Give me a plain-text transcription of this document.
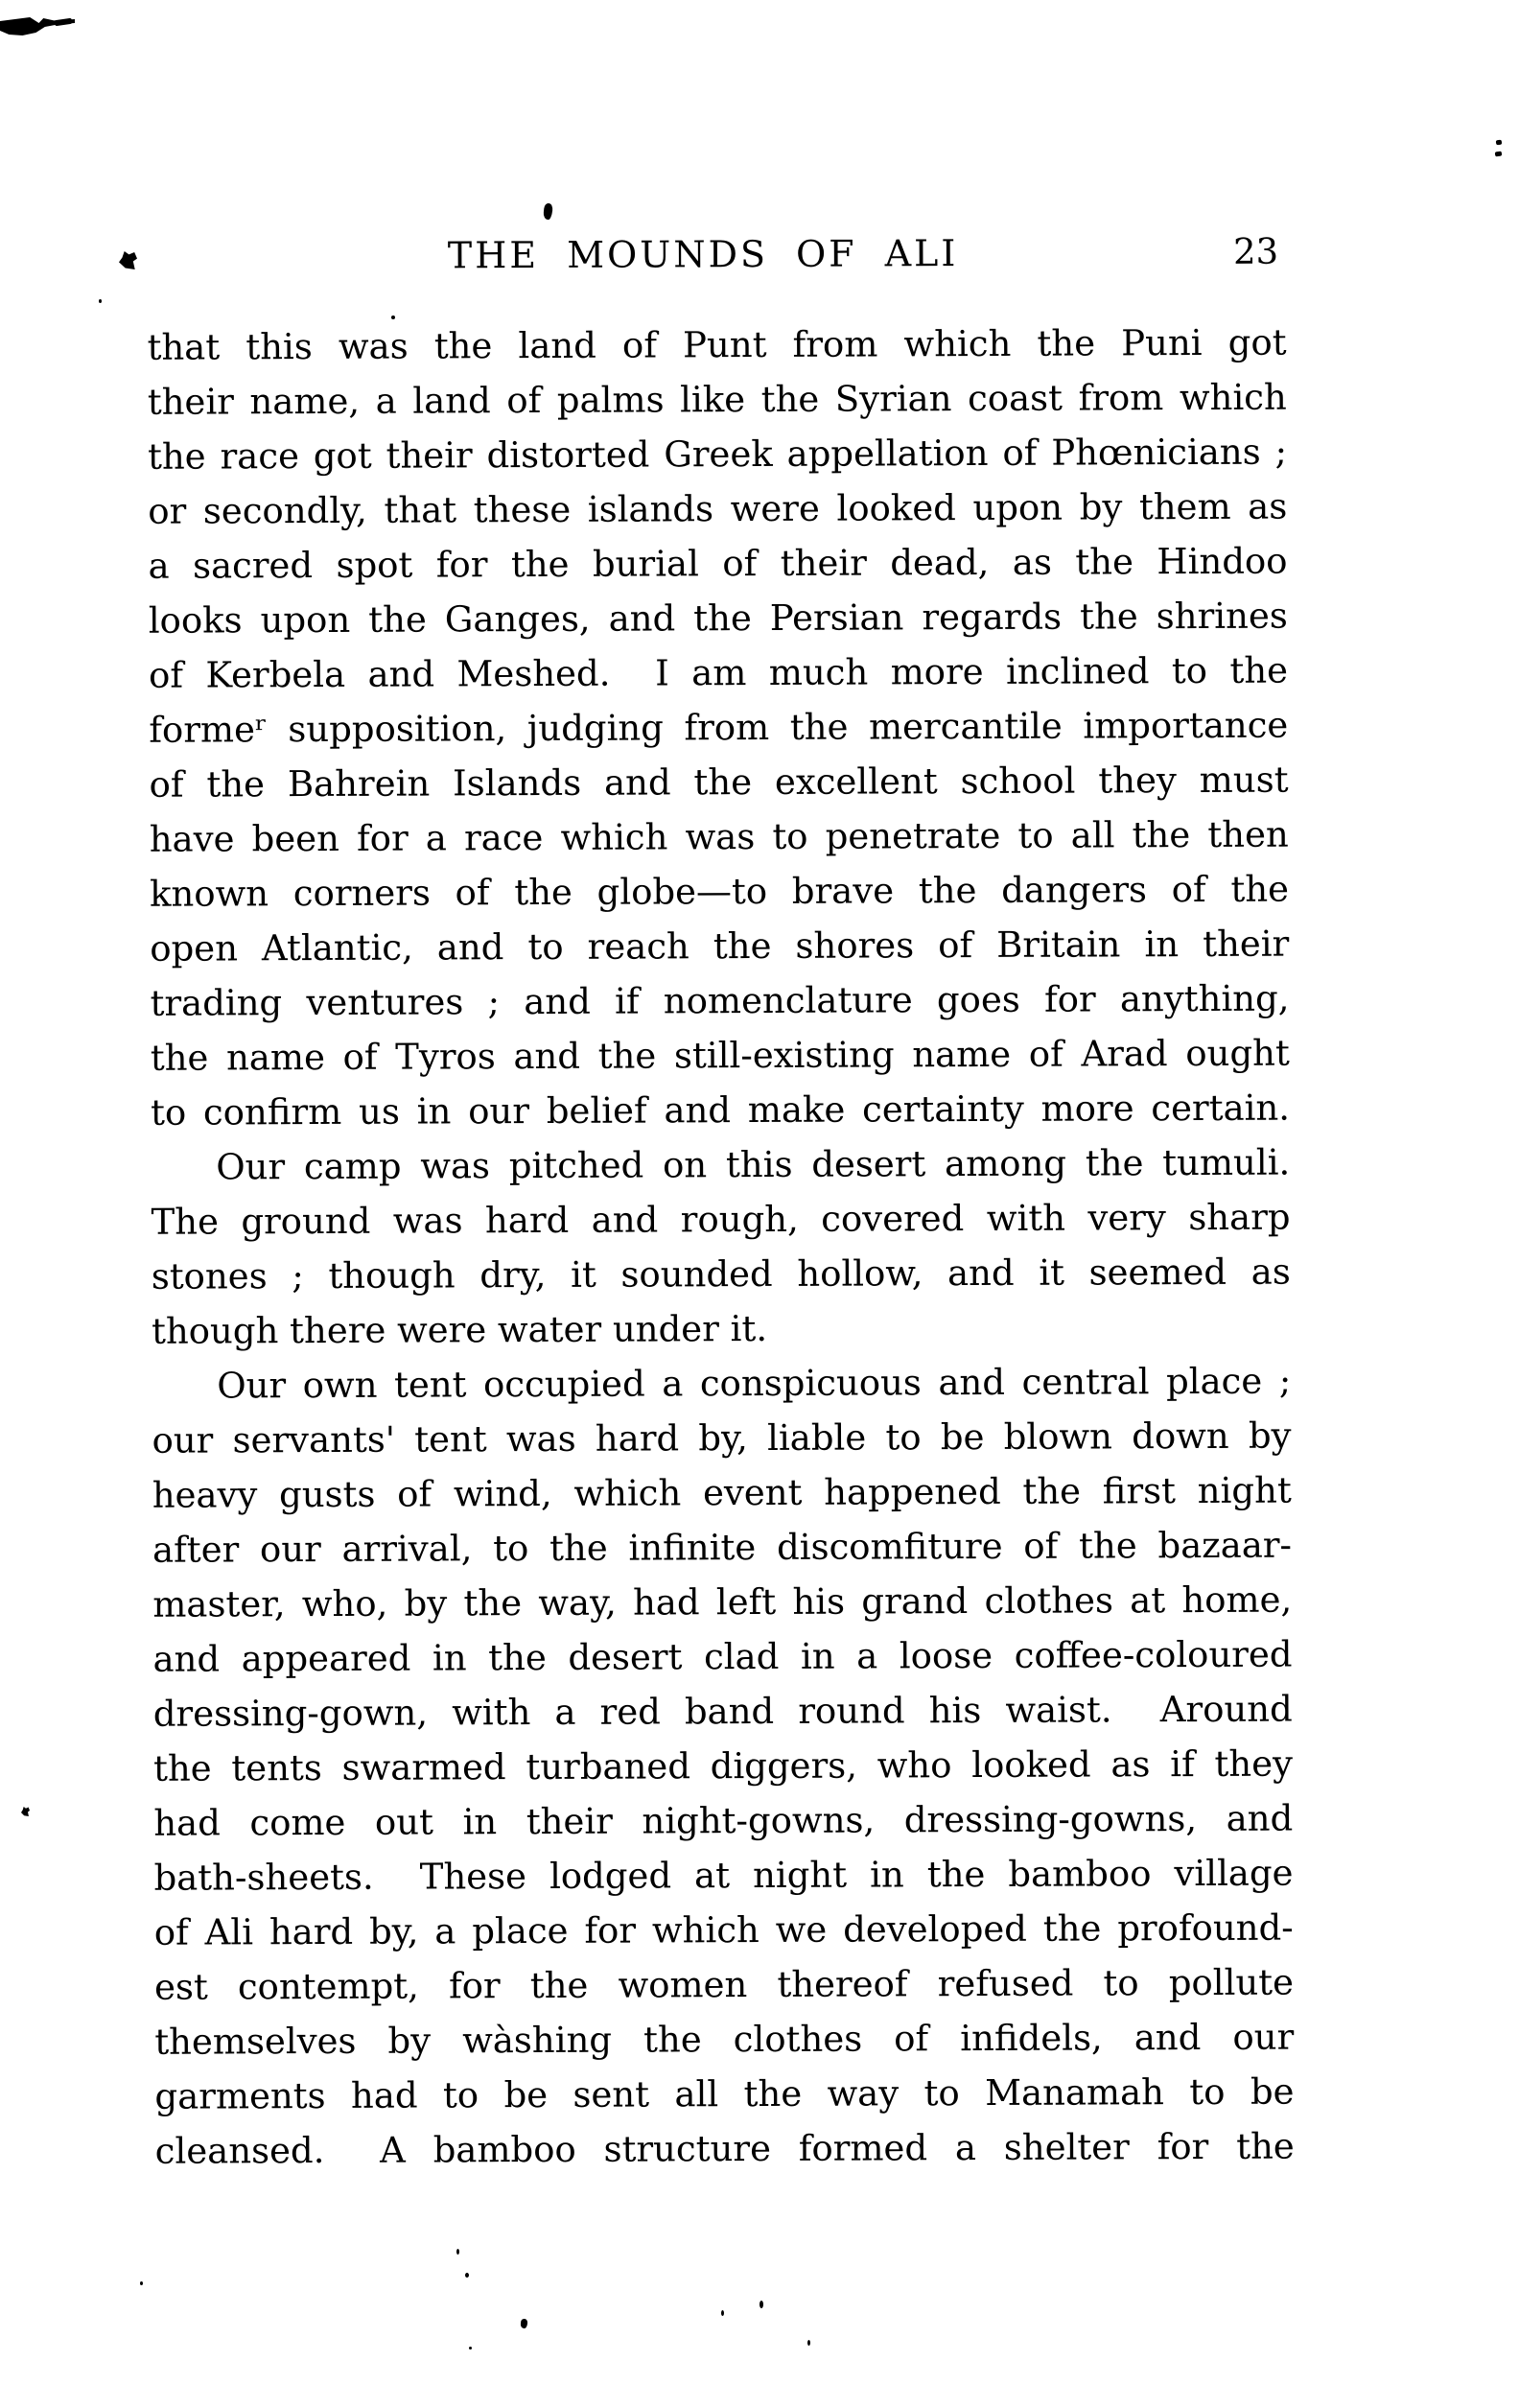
THE MOUNDS OF ALI	23
that this was the land of Punt from which the Puni got
their name, a land of palms like the Syrian coast from which
the race got their distorted Greek appellation of Phœnicians ;
or secondly, that these islands were looked upon by them as
a sacred spot for the burial of their dead, as the Hindoo
looks upon the Ganges, and the Persian regards the shrines
of Kerbela and Meshed.  I am much more inclined to the
formeʳ supposition, judging from the mercantile importance
of the Bahrein Islands and the excellent school they must
have been for a race which was to penetrate to all the then
known corners of the globe—to brave the dangers of the
open Atlantic, and to reach the shores of Britain in their
trading ventures ; and if nomenclature goes for anything,
the name of Tyros and the still-existing name of Arad ought
to confirm us in our belief and make certainty more certain.
Our camp was pitched on this desert among the tumuli.
The ground was hard and rough, covered with very sharp
stones ; though dry, it sounded hollow, and it seemed as
though there were water under it.
Our own tent occupied a conspicuous and central place ;
our servants' tent was hard by, liable to be blown down by
heavy gusts of wind, which event happened the first night
after our arrival, to the infinite discomfiture of the bazaar-
master, who, by the way, had left his grand clothes at home,
and appeared in the desert clad in a loose coffee-coloured
dressing-gown, with a red band round his waist.  Around
the tents swarmed turbaned diggers, who looked as if they
had come out in their night-gowns, dressing-gowns, and
bath-sheets.  These lodged at night in the bamboo village
of Ali hard by, a place for which we developed the profound-
est contempt, for the women thereof refused to pollute
themselves by wàshing the clothes of infidels, and our
garments had to be sent all the way to Manamah to be
cleansed.  A bamboo structure formed a shelter for the
